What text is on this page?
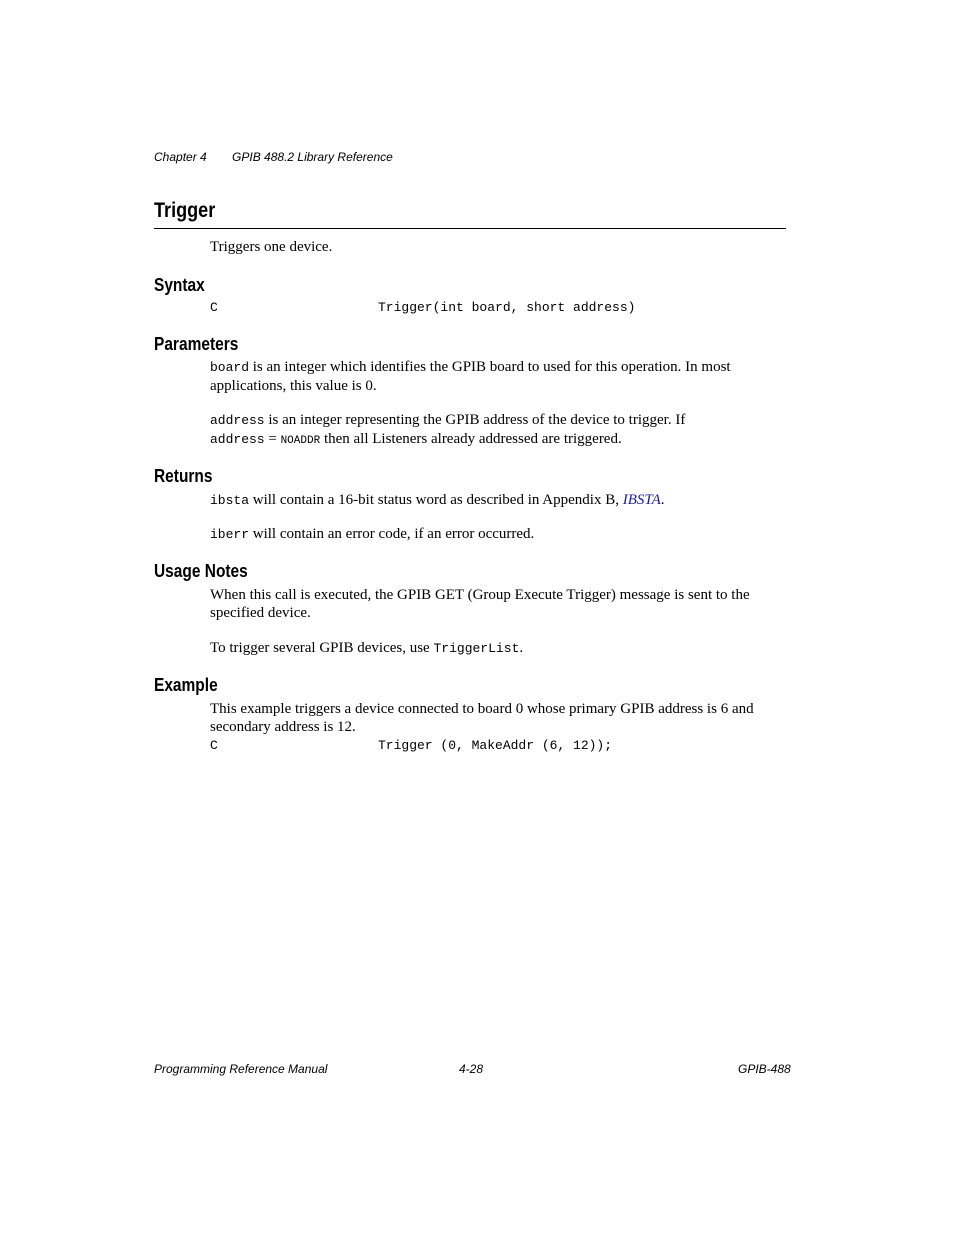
Chapter 4 GPIB 488.2 Library Reference
Trigger
Triggers one device.
Syntax
C	Trigger(int board, short address)
Parameters
board is an integer which identifies the GPIB board to used for this operation. In most
applications, this value is 0.
address is an integer representing the GPIB address of the device to trigger. If
address = NOADDR then all Listeners already addressed are triggered.
Returns
ibsta will contain a 16-bit status word as described in Appendix B, IBSTA.
iberr will contain an error code, if an error occurred.
Usage Notes
When this call is executed, the GPIB GET (Group Execute Trigger) message is sent to the
specified device.
To trigger several GPIB devices, use TriggerList.
Example
This example triggers a device connected to board 0 whose primary GPIB address is 6 and
secondary address is 12.
C	Trigger (0, MakeAddr (6, 12));
Programming Reference Manual	4-28	GPIB-488
